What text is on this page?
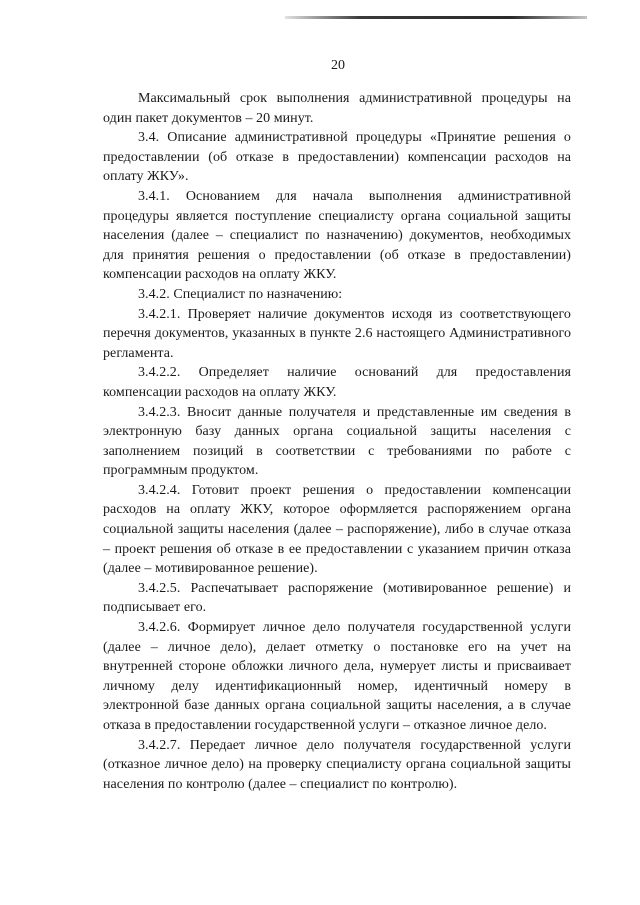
20

Максимальный срок выполнения административной процедуры на один пакет документов – 20 минут.

3.4. Описание административной процедуры «Принятие решения о предоставлении (об отказе в предоставлении) компенсации расходов на оплату ЖКУ».

3.4.1. Основанием для начала выполнения административной процедуры является поступление специалисту органа социальной защиты населения (далее – специалист по назначению) документов, необходимых для принятия решения о предоставлении (об отказе в предоставлении) компенсации расходов на оплату ЖКУ.

3.4.2. Специалист по назначению:

3.4.2.1. Проверяет наличие документов исходя из соответствующего перечня документов, указанных в пункте 2.6 настоящего Административного регламента.

3.4.2.2. Определяет наличие оснований для предоставления компенсации расходов на оплату ЖКУ.

3.4.2.3. Вносит данные получателя и представленные им сведения в электронную базу данных органа социальной защиты населения с заполнением позиций в соответствии с требованиями по работе с программным продуктом.

3.4.2.4. Готовит проект решения о предоставлении компенсации расходов на оплату ЖКУ, которое оформляется распоряжением органа социальной защиты населения (далее – распоряжение), либо в случае отказа – проект решения об отказе в ее предоставлении с указанием причин отказа (далее – мотивированное решение).

3.4.2.5. Распечатывает распоряжение (мотивированное решение) и подписывает его.

3.4.2.6. Формирует личное дело получателя государственной услуги (далее – личное дело), делает отметку о постановке его на учет на внутренней стороне обложки личного дела, нумерует листы и присваивает личному делу идентификационный номер, идентичный номеру в электронной базе данных органа социальной защиты населения, а в случае отказа в предоставлении государственной услуги – отказное личное дело.

3.4.2.7. Передает личное дело получателя государственной услуги (отказное личное дело) на проверку специалисту органа социальной защиты населения по контролю (далее – специалист по контролю).
